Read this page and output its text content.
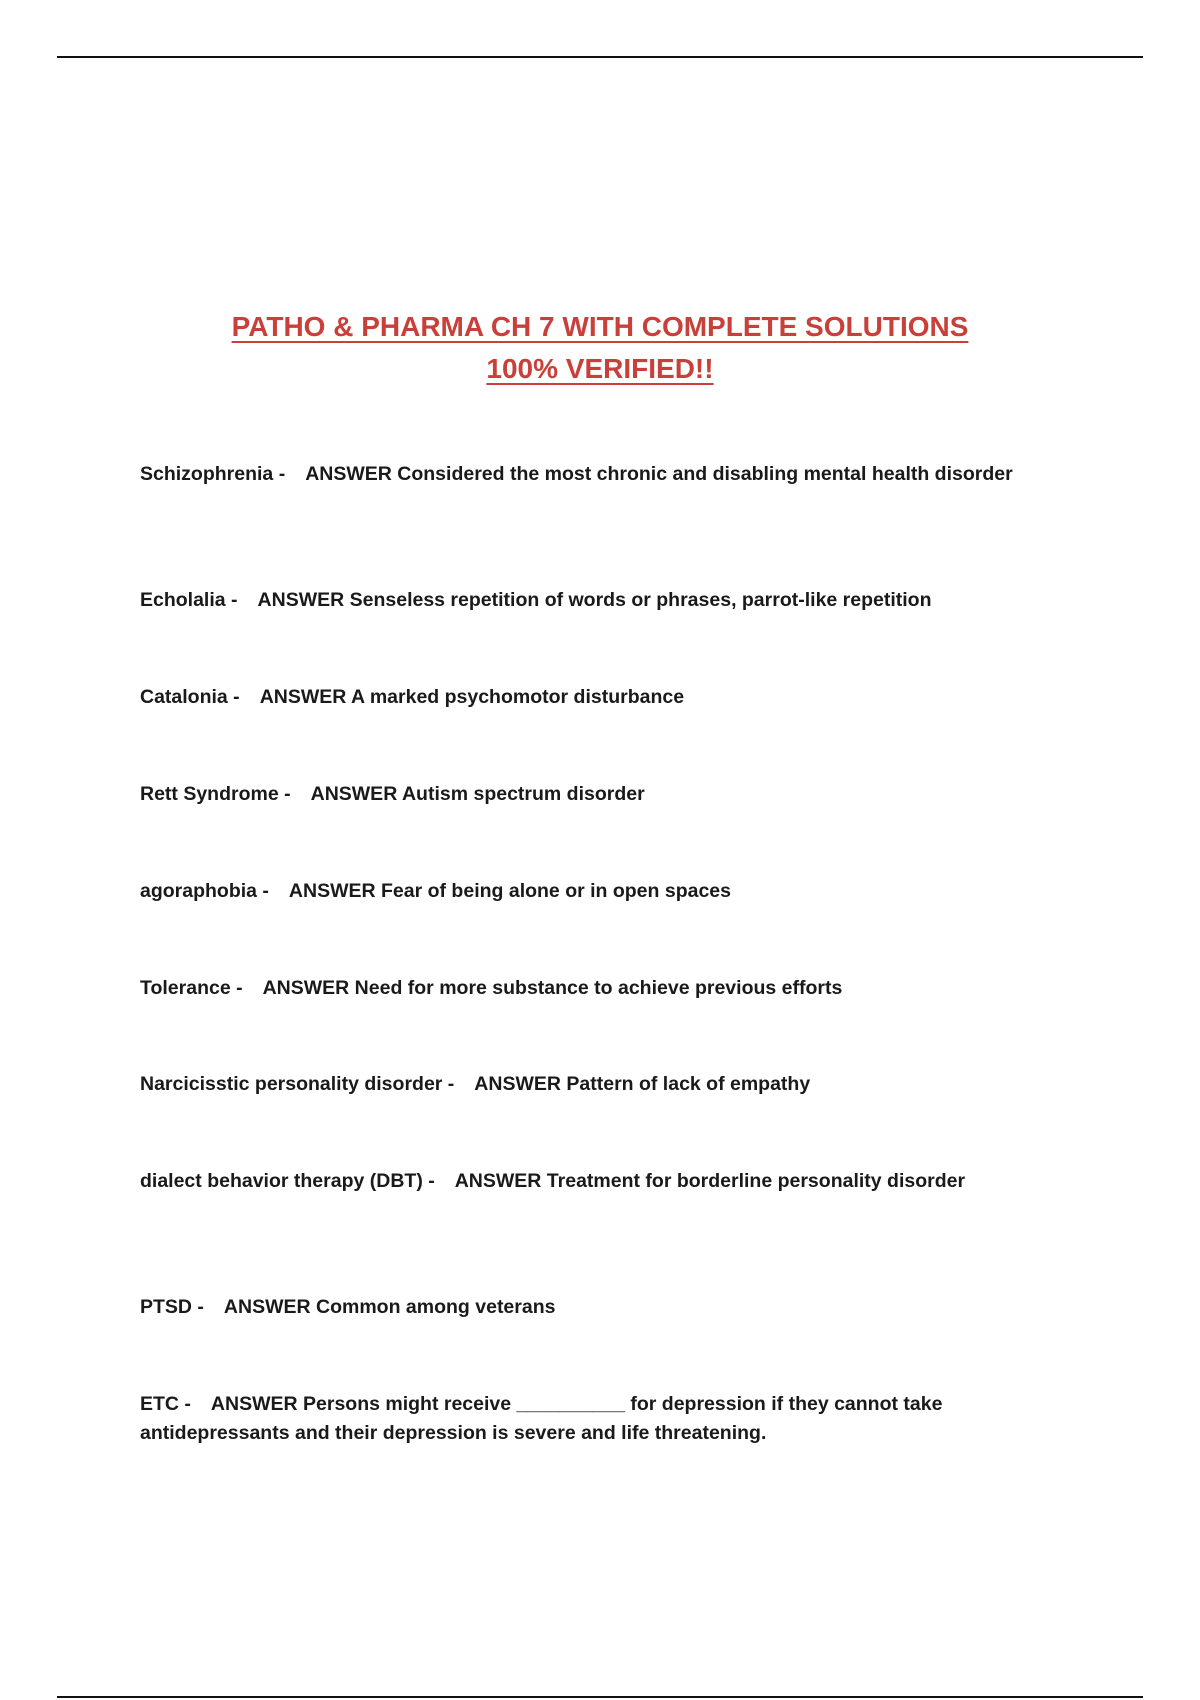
PATHO & PHARMA CH 7 WITH COMPLETE SOLUTIONS
100% VERIFIED!!
Schizophrenia - ANSWER Considered the most chronic and disabling mental health disorder
Echolalia - ANSWER Senseless repetition of words or phrases, parrot-like repetition
Catalonia - ANSWER A marked psychomotor disturbance
Rett Syndrome - ANSWER Autism spectrum disorder
agoraphobia - ANSWER Fear of being alone or in open spaces
Tolerance - ANSWER Need for more substance to achieve previous efforts
Narcicisstic personality disorder - ANSWER Pattern of lack of empathy
dialect behavior therapy (DBT) - ANSWER Treatment for borderline personality disorder
PTSD - ANSWER Common among veterans
ETC - ANSWER Persons might receive __________ for depression if they cannot take antidepressants and their depression is severe and life threatening.
